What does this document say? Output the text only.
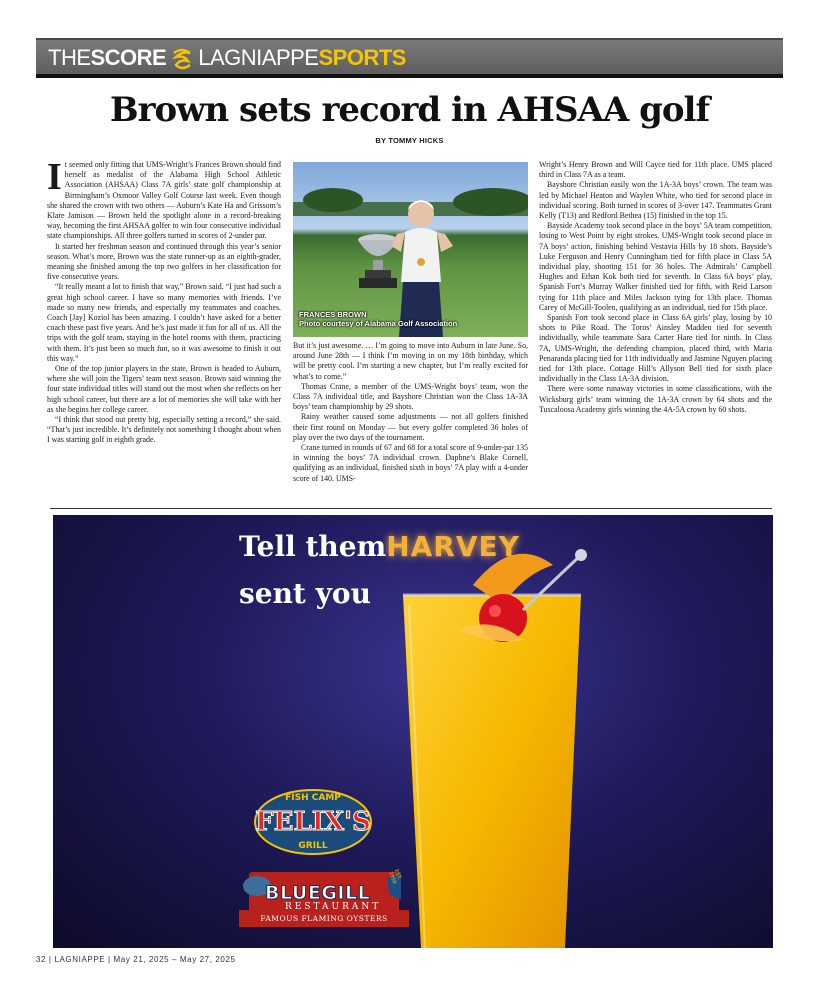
THESCORE LAGNIAPPESPORTS
Brown sets record in AHSAA golf
BY TOMMY HICKS

It seemed only fitting that UMS-Wright’s Frances Brown should find herself as medalist of the Alabama High School Athletic Association (AHSAA) Class 7A girls’ state golf championship at Birmingham’s Oxmoor Valley Golf Course last week. Even though she shared the crown with two others — Auburn’s Kate Ha and Grissom’s Klare Jamison — Brown held the spotlight alone in a record-breaking way, becoming the first AHSAA golfer to win four consecutive individual state championships. All three golfers turned in scores of 2-under par.

It started her freshman season and continued through this year’s senior season. What’s more, Brown was the state runner-up as an eighth-grader, meaning she finished among the top two golfers in her classification for five consecutive years.

“It really meant a lot to finish that way,” Brown said. “I just had such a great high school career. I have so many memories with friends. I’ve made so many new friends, and especially my teammates and coaches. Coach [Jay] Koziol has been amazing. I couldn’t have asked for a better coach these past five years. And he’s just made it fun for all of us. All the trips with the golf team, staying in the hotel rooms with them, practicing with them. It’s just been so much fun, so it was awesome to finish it out this way.”

One of the top junior players in the state, Brown is headed to Auburn, where she will join the Tigers’ team next season. Brown said winning the four state individual titles will stand out the most when she reflects on her high school career, but there are a lot of memories she will take with her as she begins her college career.

“I think that stood out pretty big, especially setting a record,” she said. “That’s just incredible. It’s definitely not something I thought about when I was starting golf in eighth grade.

FRANCES BROWN
Photo courtesy of Alabama Golf Association

But it’s just awesome. … I’m going to move into Auburn in late June. So, around June 28th — I think I’m moving in on my 18th birthday, which will be pretty cool. I’m starting a new chapter, but I’m really excited for what’s to come.”

Thomas Crane, a member of the UMS-Wright boys’ team, won the Class 7A individual title, and Bayshore Christian won the Class 1A-3A boys’ team championship by 29 shots.

Rainy weather caused some adjustments — not all golfers finished their first round on Monday — but every golfer completed 36 holes of play over the two days of the tournament.

Crane turned in rounds of 67 and 68 for a total score of 9-under-par 135 in winning the boys’ 7A individual crown. Daphne’s Blake Cornell, qualifying as an individual, finished sixth in boys’ 7A play with a 4-under score of 140. UMS-

Wright’s Henry Brown and Will Cayce tied for 11th place. UMS placed third in Class 7A as a team.

Bayshore Christian easily won the 1A-3A boys’ crown. The team was led by Michael Heaton and Waylen White, who tied for second place in individual scoring. Both turned in scores of 3-over 147. Teammates Grant Kelly (T13) and Redford Bethea (15) finished in the top 15.

Bayside Academy took second place in the boys’ 5A team competition, losing to West Point by eight strokes. UMS-Wright took second place in 7A boys’ action, finishing behind Vestavia Hills by 18 shots. Bayside’s Luke Ferguson and Henry Cunningham tied for fifth place in Class 5A individual play, shooting 151 for 36 holes. The Admirals’ Campbell Hughes and Ethan Kok both tied for seventh. In Class 6A boys’ play, Spanish Fort’s Murray Walker finished tied for fifth, with Reid Larson tying for 11th place and Miles Jackson tying for 13th place. Thomas Carey of McGill-Toolen, qualifying as an individual, tied for 15th place.

Spanish Fort took second place in Class 6A girls’ play, losing by 10 shots to Pike Road. The Toros’ Ainsley Madden tied for seventh individually, while teammate Sara Carter Hare tied for ninth. In Class 7A, UMS-Wright, the defending champion, placed third, with Maria Penaranda placing tied for 11th individually and Jasmine Nguyen placing tied for 13th place. Cottage Hill’s Allyson Bell tied for sixth place individually in the Class 1A-3A division.

There were some runaway victories in some classifications, with the Wicksburg girls’ team winning the 1A-3A crown by 64 shots and the Tuscaloosa Academy girls winning the 4A-5A crown by 60 shots.

Tell themHARVEY
sent you
FISH CAMP
FELIX'S
GRILL
BLUEGILL
RESTAURANT
FAMOUS FLAMING OYSTERS
EST. 1958
32 | LAGNIAPPE | May 21, 2025 – May 27, 2025
